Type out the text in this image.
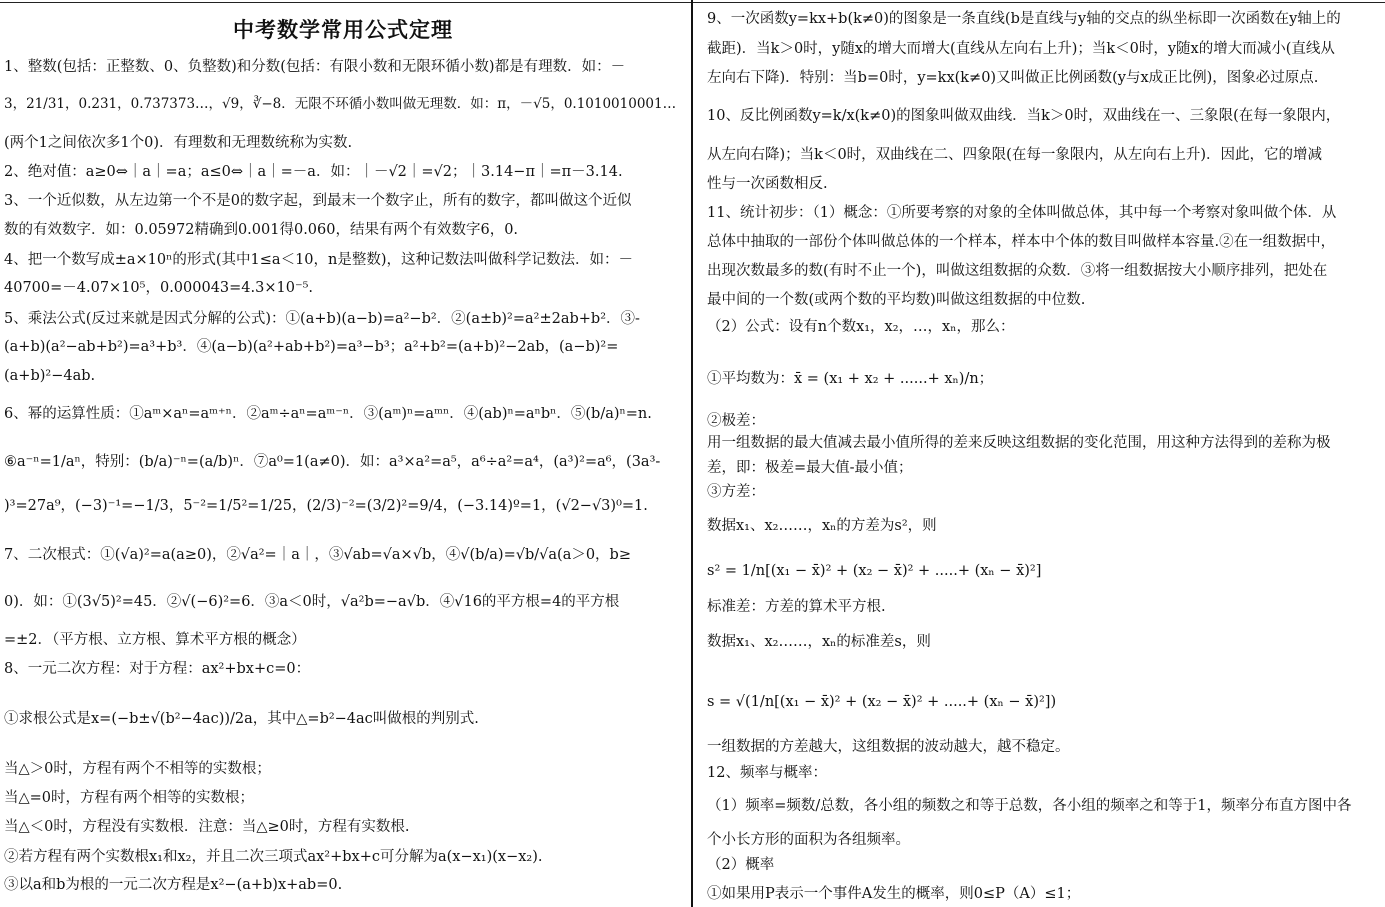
中考数学常用公式定理
1、整数(包括：正整数、0、负整数)和分数(包括：有限小数和无限环循小数)都是有理数．如：－
3，21/31，0.231，0.737373…，√9，∛−8．无限不环循小数叫做无理数．如：π，－√5，0.1010010001…
(两个1之间依次多1个0)．有理数和无理数统称为实数.
2、绝对值：a≥0⇔｜a｜=a；a≤0⇔｜a｜=－a．如：｜－√2｜=√2；｜3.14−π｜=π－3.14.
3、一个近似数，从左边第一个不是0的数字起，到最末一个数字止，所有的数字，都叫做这个近似
数的有效数字．如：0.05972精确到0.001得0.060，结果有两个有效数字6，0.
4、把一个数写成±a×10ⁿ的形式(其中1≤a＜10，n是整数)，这种记数法叫做科学记数法．如：－
40700=－4.07×10⁵，0.000043=4.3×10⁻⁵.
5、乘法公式(反过来就是因式分解的公式)：①(a+b)(a−b)=a²−b²．②(a±b)²=a²±2ab+b²．③-
(a+b)(a²−ab+b²)=a³+b³．④(a−b)(a²+ab+b²)=a³−b³；a²+b²=(a+b)²−2ab，(a−b)²=
(a+b)²−4ab.
6、幂的运算性质：①aᵐ×aⁿ=aᵐ⁺ⁿ．②aᵐ÷aⁿ=aᵐ⁻ⁿ．③(aᵐ)ⁿ=aᵐⁿ．④(ab)ⁿ=aⁿbⁿ．⑤(b/a)ⁿ=n.
⑥a⁻ⁿ=1/aⁿ，特别：(b/a)⁻ⁿ=(a/b)ⁿ．⑦a⁰=1(a≠0)．如：a³×a²=a⁵，a⁶÷a²=a⁴，(a³)²=a⁶，(3a³-
)³=27a⁹，(−3)⁻¹=−1/3，5⁻²=1/5²=1/25，(2/3)⁻²=(3/2)²=9/4，(−3.14)º=1，(√2−√3)⁰=1.
7、二次根式：①(√a)²=a(a≥0)，②√a²=｜a｜，③√ab=√a×√b，④√(b/a)=√b/√a(a＞0，b≥
0)．如：①(3√5)²=45．②√(−6)²=6．③a＜0时，√a²b=−a√b．④√16的平方根=4的平方根
=±2．（平方根、立方根、算术平方根的概念）
8、一元二次方程：对于方程：ax²+bx+c=0：
①求根公式是x=(−b±√(b²−4ac))/2a，其中△=b²−4ac叫做根的判别式.
当△＞0时，方程有两个不相等的实数根；
当△=0时，方程有两个相等的实数根；
当△＜0时，方程没有实数根．注意：当△≥0时，方程有实数根.
②若方程有两个实数根x₁和x₂，并且二次三项式ax²+bx+c可分解为a(x−x₁)(x−x₂).
③以a和b为根的一元二次方程是x²−(a+b)x+ab=0.
9、一次函数y=kx+b(k≠0)的图象是一条直线(b是直线与y轴的交点的纵坐标即一次函数在y轴上的
截距)．当k＞0时，y随x的增大而增大(直线从左向右上升)；当k＜0时，y随x的增大而减小(直线从
左向右下降)．特别：当b=0时，y=kx(k≠0)又叫做正比例函数(y与x成正比例)，图象必过原点.
10、反比例函数y=k/x(k≠0)的图象叫做双曲线．当k＞0时，双曲线在一、三象限(在每一象限内，
从左向右降)；当k＜0时，双曲线在二、四象限(在每一象限内，从左向右上升)．因此，它的增减
性与一次函数相反.
11、统计初步：（1）概念：①所要考察的对象的全体叫做总体，其中每一个考察对象叫做个体．从
总体中抽取的一部份个体叫做总体的一个样本，样本中个体的数目叫做样本容量.②在一组数据中，
出现次数最多的数(有时不止一个)，叫做这组数据的众数．③将一组数据按大小顺序排列，把处在
最中间的一个数(或两个数的平均数)叫做这组数据的中位数.
（2）公式：设有n个数x₁，x₂，…，xₙ，那么：
①平均数为：x̄ = (x₁ + x₂ + ......+ xₙ)/n；
②极差：
用一组数据的最大值减去最小值所得的差来反映这组数据的变化范围，用这种方法得到的差称为极
差，即：极差=最大值-最小值；
③方差：
数据x₁、x₂……，xₙ的方差为s²，则
s² = 1/n[(x₁ − x̄)² + (x₂ − x̄)² + .....+ (xₙ − x̄)²]
标准差：方差的算术平方根.
数据x₁、x₂……，xₙ的标准差s，则
s = √(1/n[(x₁ − x̄)² + (x₂ − x̄)² + .....+ (xₙ − x̄)²])
一组数据的方差越大，这组数据的波动越大，越不稳定。
12、频率与概率：
（1）频率=频数/总数，各小组的频数之和等于总数，各小组的频率之和等于1，频率分布直方图中各
个小长方形的面积为各组频率。
（2）概率
①如果用P表示一个事件A发生的概率，则0≤P（A）≤1；
